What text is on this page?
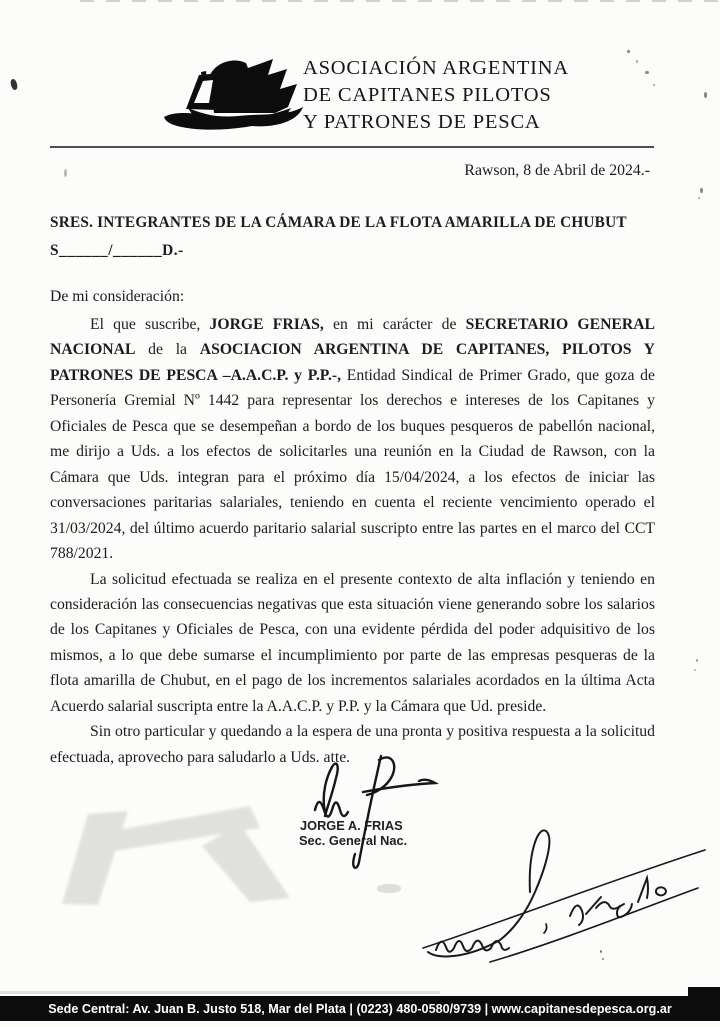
ASOCIACIÓN ARGENTINA
DE CAPITANES PILOTOS
Y PATRONES DE PESCA
Rawson, 8 de Abril de 2024.-
SRES. INTEGRANTES DE LA CÁMARA DE LA FLOTA AMARILLA DE CHUBUT
S______/______D.-
De mi consideración:

El que suscribe, JORGE FRIAS, en mi carácter de SECRETARIO GENERAL NACIONAL de la ASOCIACION ARGENTINA DE CAPITANES, PILOTOS Y PATRONES DE PESCA –A.A.C.P. y P.P.-, Entidad Sindical de Primer Grado, que goza de Personería Gremial Nº 1442 para representar los derechos e intereses de los Capitanes y Oficiales de Pesca que se desempeñan a bordo de los buques pesqueros de pabellón nacional, me dirijo a Uds. a los efectos de solicitarles una reunión en la Ciudad de Rawson, con la Cámara que Uds. integran para el próximo día 15/04/2024, a los efectos de iniciar las conversaciones paritarias salariales, teniendo en cuenta el reciente vencimiento operado el 31/03/2024, del último acuerdo paritario salarial suscripto entre las partes en el marco del CCT 788/2021.

La solicitud efectuada se realiza en el presente contexto de alta inflación y teniendo en consideración las consecuencias negativas que esta situación viene generando sobre los salarios de los Capitanes y Oficiales de Pesca, con una evidente pérdida del poder adquisitivo de los mismos, a lo que debe sumarse el incumplimiento por parte de las empresas pesqueras de la flota amarilla de Chubut, en el pago de los incrementos salariales acordados en la última Acta Acuerdo salarial suscripta entre la A.A.C.P. y P.P. y la Cámara que Ud. preside.

Sin otro particular y quedando a la espera de una pronta y positiva respuesta a la solicitud efectuada, aprovecho para saludarlo a Uds. atte.

JORGE A. FRIAS
Sec. General Nac.
Sede Central: Av. Juan B. Justo 518, Mar del Plata | (0223) 480-0580/9739 | www.capitanesdepesca.org.ar
